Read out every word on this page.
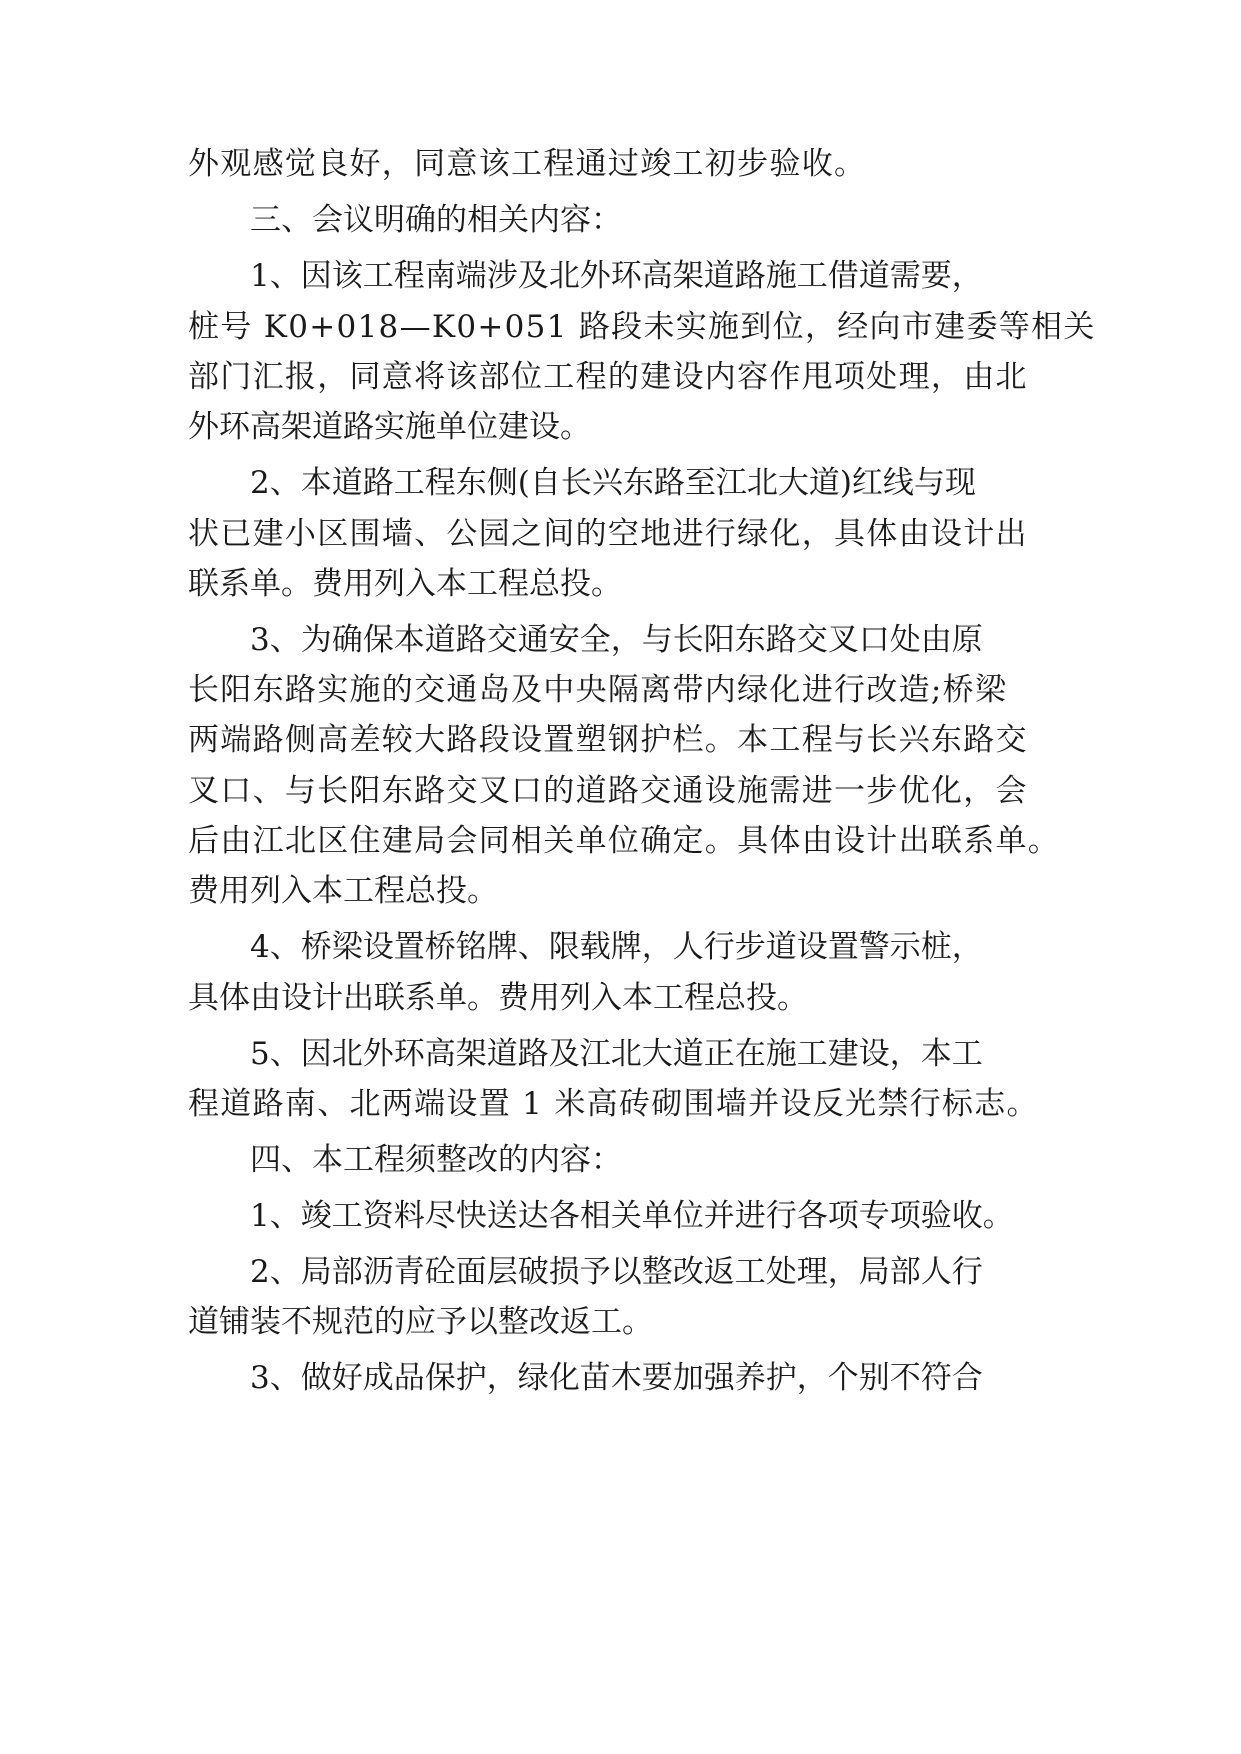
外观感觉良好，同意该工程通过竣工初步验收。
三、会议明确的相关内容：
1、因该工程南端涉及北外环高架道路施工借道需要，
桩号 K0+018—K0+051 路段未实施到位，经向市建委等相关
部门汇报，同意将该部位工程的建设内容作甩项处理，由北
外环高架道路实施单位建设。
2、本道路工程东侧(自长兴东路至江北大道)红线与现
状已建小区围墙、公园之间的空地进行绿化，具体由设计出
联系单。费用列入本工程总投。
3、为确保本道路交通安全，与长阳东路交叉口处由原
长阳东路实施的交通岛及中央隔离带内绿化进行改造;桥梁
两端路侧高差较大路段设置塑钢护栏。本工程与长兴东路交
叉口、与长阳东路交叉口的道路交通设施需进一步优化，会
后由江北区住建局会同相关单位确定。具体由设计出联系单。
费用列入本工程总投。
4、桥梁设置桥铭牌、限载牌，人行步道设置警示桩，
具体由设计出联系单。费用列入本工程总投。
5、因北外环高架道路及江北大道正在施工建设，本工
程道路南、北两端设置 1 米高砖砌围墙并设反光禁行标志。
四、本工程须整改的内容：
1、竣工资料尽快送达各相关单位并进行各项专项验收。
2、局部沥青砼面层破损予以整改返工处理，局部人行
道铺装不规范的应予以整改返工。
3、做好成品保护，绿化苗木要加强养护，个别不符合
